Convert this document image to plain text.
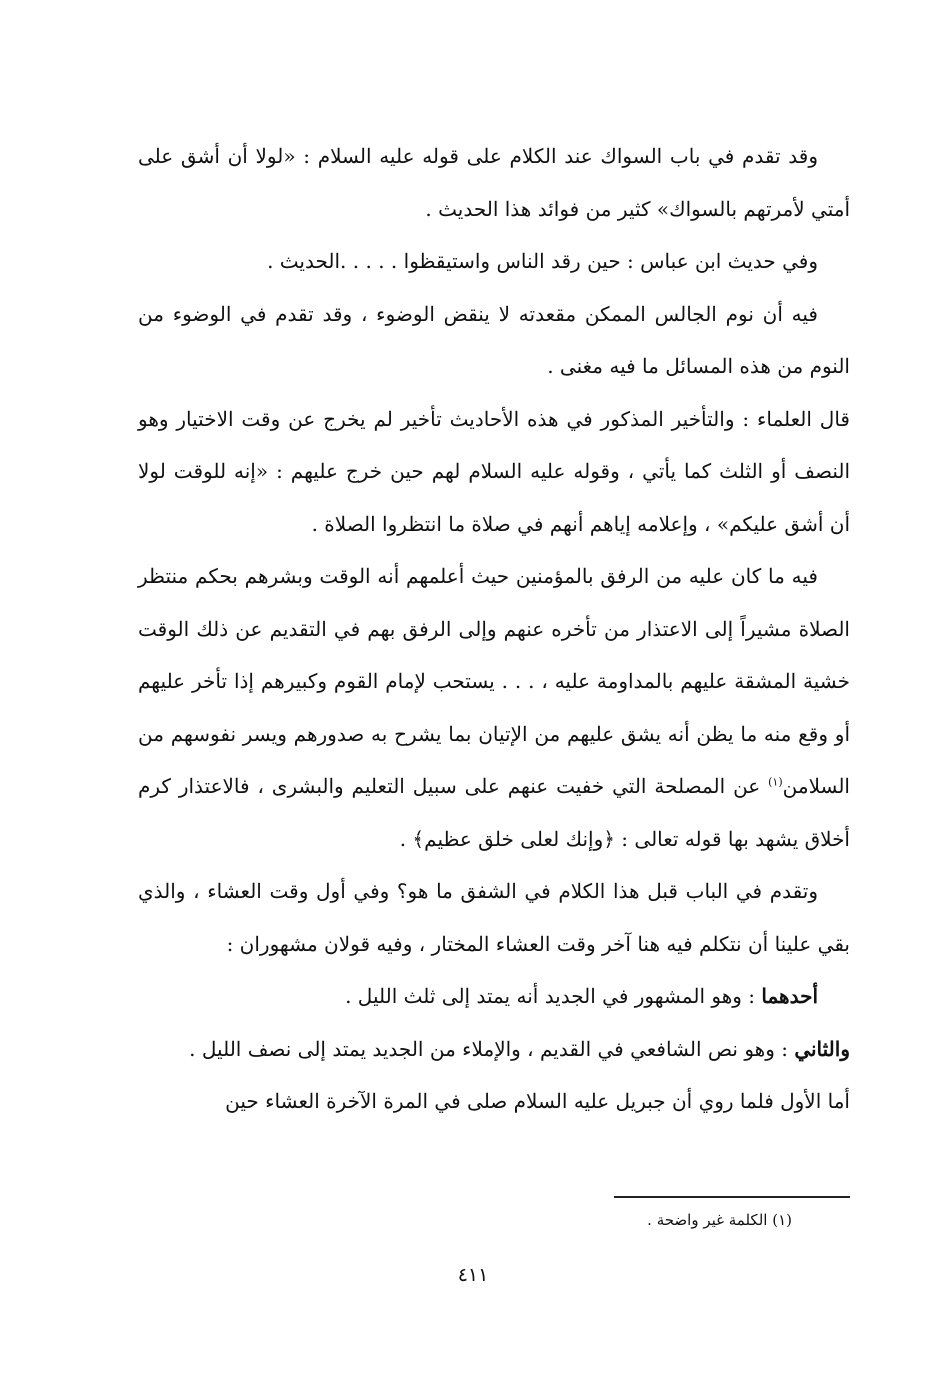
وقد تقدم في باب السواك عند الكلام على قوله عليه السلام : «لولا أن أشق على أمتي لأمرتهم بالسواك» كثير من فوائد هذا الحديث .

وفي حديث ابن عباس : حين رقد الناس واستيقظوا . . . . .الحديث .

فيه أن نوم الجالس الممكن مقعدته لا ينقض الوضوء ، وقد تقدم في الوضوء من النوم من هذه المسائل ما فيه مغنى .

قال العلماء : والتأخير المذكور في هذه الأحاديث تأخير لم يخرج عن وقت الاختيار وهو النصف أو الثلث كما يأتي ، وقوله عليه السلام لهم حين خرج عليهم : «إنه للوقت لولا أن أشق عليكم» ، وإعلامه إياهم أنهم في صلاة ما انتظروا الصلاة .

فيه ما كان عليه من الرفق بالمؤمنين حيث أعلمهم أنه الوقت وبشرهم بحكم منتظر الصلاة مشيراً إلى الاعتذار من تأخره عنهم وإلى الرفق بهم في التقديم عن ذلك الوقت خشية المشقة عليهم بالمداومة عليه ، . . . يستحب لإمام القوم وكبيرهم إذا تأخر عليهم أو وقع منه ما يظن أنه يشق عليهم من الإتيان بما يشرح به صدورهم ويسر نفوسهم من السلامن$^{(١)}$ عن المصلحة التي خفيت عنهم على سبيل التعليم والبشرى ، فالاعتذار كرم أخلاق يشهد بها قوله تعالى : ﴿وإنك لعلى خلق عظيم﴾ .

وتقدم في الباب قبل هذا الكلام في الشفق ما هو؟ وفي أول وقت العشاء ، والذي بقي علينا أن نتكلم فيه هنا آخر وقت العشاء المختار ، وفيه قولان مشهوران :

أحدهما : وهو المشهور في الجديد أنه يمتد إلى ثلث الليل .

والثاني : وهو نص الشافعي في القديم ، والإملاء من الجديد يمتد إلى نصف الليل .

أما الأول فلما روي أن جبريل عليه السلام صلى في المرة الآخرة العشاء حين

(١) الكلمة غير واضحة .
٤١١
